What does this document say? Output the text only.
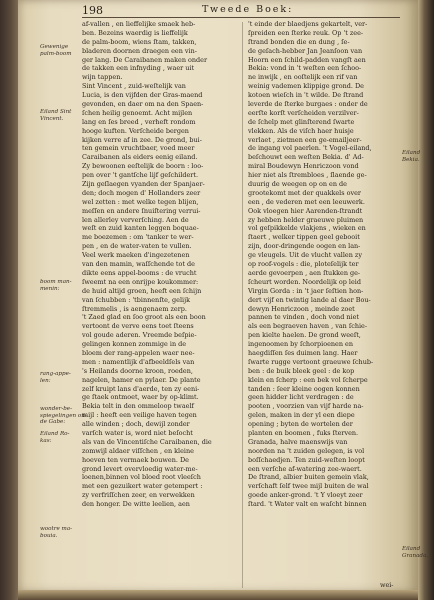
198	Tweede Boek:
Gewenige
palm-boom
Eiland Sint
Vincent.
boom man-
menin:
rang-appe-
len:
wonder-be-
spiegelingen on-
de Gabe:
Eiland Ro-
kas:
wootre ma-
bouia.
Eiland
Bekia.
Eiland
Granada.
af-vallen , en lieffelijke smaek heb-
ben. Bezeins waerdig is lieffelijk
de palm-boom, wiens ſtam, takken,
bladeren doornen draegen een vin-
ger lang. De Caraibanen maken onder
de takken een infnyding , waer uit
wijn tappen.
Sint Vincent , zuid-weſtelijk van
Lucia, is den vijfden der Gras-maend
gevonden, en daer om na den Spaen-
ſchen heilig genoemt. Acht mijlen
lang en ſes breed , verheft rondom
hooge kuften. Verſcheide bergen
kijken verre af in zee. De grond, bui-
ten gemein vruchtbaer, voed meer
Caraibanen als eiders eenig eiland.
Zy bewoonen eeſtelijk de boorn : loo-
pen over 't gantſche lijf geſchildert.
Zijn geſlaegen vyanden der Spanjaer-
den; doch mogen d' Hollanders zeer
wel zetten : met welke tegen blijen,
meſſen en andere ſnuiſtering verrui-
len allerley ververſching. Aen de
weſt en zuid kanten leggen boquae-
me boezemen : om 'tanker te wer-
pen , en de water-vaten te vullen.
Veel werk maeken d'ingezetenen
van den mamin, waſſchende tot de
dikte eens appel-booms : de vrucht
ſweemt na een onrijpe koukommer:
de huid altijd groen, heeft een ſchijn
van ſchubben : 'tbinnenſte, gelijk
ſtremmelis , is aengenaem zerp.
't Zaed glad en ſoo groot als een boon
vertoont de verve eens toet ſteens
vol goude aderen. Vreemde beſpie-
gelingen konnen zommige in de
bloem der rang-appelen waer nee-
men : namentlijk d'afbeeldſels van
's Heilands doorne kroon, roeden,
nagelen, hamer en pylaer. De plante
zelf kruipt lans d'aerde, ten zy eeni-
ge ſtaek ontmoet, waer by op-klimt.
Bekia telt in den ommeloop twaelf
mijl : heeft een veilige haven tegen
alle winden ; doch, dewijl zonder
varſch water is, word niet beſocht
als van de Vincentiſche Caraibanen, die
zomwijl aldaer viſſchen , en kleine
hoeven ten vermaek bouwen. De
grond levert overvloedig water-me-
loenen,binnen vol bloed root vleeſch
met een gezuikert water getempert :
zy verfriſſchen zeer, en verwekken
den honger. De witte leelien, aen
't einde der blaedjens gekartelt, ver-
ſpreiden een ſterke reuk. Op 't zee-
ſtrand bonden die en dung , ſe-
de geſach-hebber Jan Jeanſoon van
Hoorn een ſchild-padden vangſt aen
Bekia: vond in 't weſten een ſchoo-
ne inwijk , en ooſtelijk een rif van
weinig vademen klippige grond. De
kotoen wieſch in 't wilde. De ſtrand
leverde de ſterke burgaes : onder de
eerſte korſt verſcheiden verzilver-
de ſchelp met glinſterend ſwarte
vlekken. Als de viſch haer huisje
verlaet , zietmen een ge-emailjeer-
de ingang vol paerlen. 't Vogel-eiland,
beſchouwt een weſten Bekia. d' Ad-
miral Boudewyn Henriczoon vond
hier niet als ſtrembloes , ſlaende ge-
duurig de weegen op on en de
grootekomt met der quakkels over
een , de vederen met een leeuwerk.
Ook vloegen hier Aarenden-ſtrandt
zy hebben helder graeuwe pluimen
vol geſpikkelde vlakjens , wieken en
ſtaert , welker tippen geel gebooit
zijn, door-dringende oogen en lan-
ge vleugels. Uit de vlucht vallen zy
op roof-vogels : die, ploteſelijk ter
aerde gevoerpen , aen ſtukken ge-
ſcheurt worden. Noordelijk op leid
Virgin Gorda : in 't jaer ſeſtien hon-
dert vijf en twintig lande al daer Bou-
dewyn Henriczoon , meinde zoet
pannen te vinden , doch vond niet
als een begraeven haven , van ſchie-
pen kielte haelen. De grond weeſt,
ingenoomen by ſchorpioenen en
haegdiſſen ſes duimen lang. Haer
ſwarte rugge vertoont graeuwe ſchub-
ben : de buik bleek geel : de kop
klein en ſcherp : een bek vol ſcherpe
tanden : ſeer kleine oogen konnen
geen hidder licht verdragen : de
pooten , voorzien van vijf harde na-
gelen, maken in der yl een diepe
opening ; byten de wortelen der
planten en boomen , fuks ſterven.
Granada, halve maenswijs van
noorden na 't zuiden gelegen, is vol
boſſchaedjen. Ten zuid-weſten loopt
een verſche af-watering zee-waert.
De ſtrand, albier buiten gemein vlak,
verſchaft ſelf twee mijl buiten de wal
goede anker-grond. 't Y vloeyt zeer
ſtard. 't Water valt en waſcht binnen
wei-
